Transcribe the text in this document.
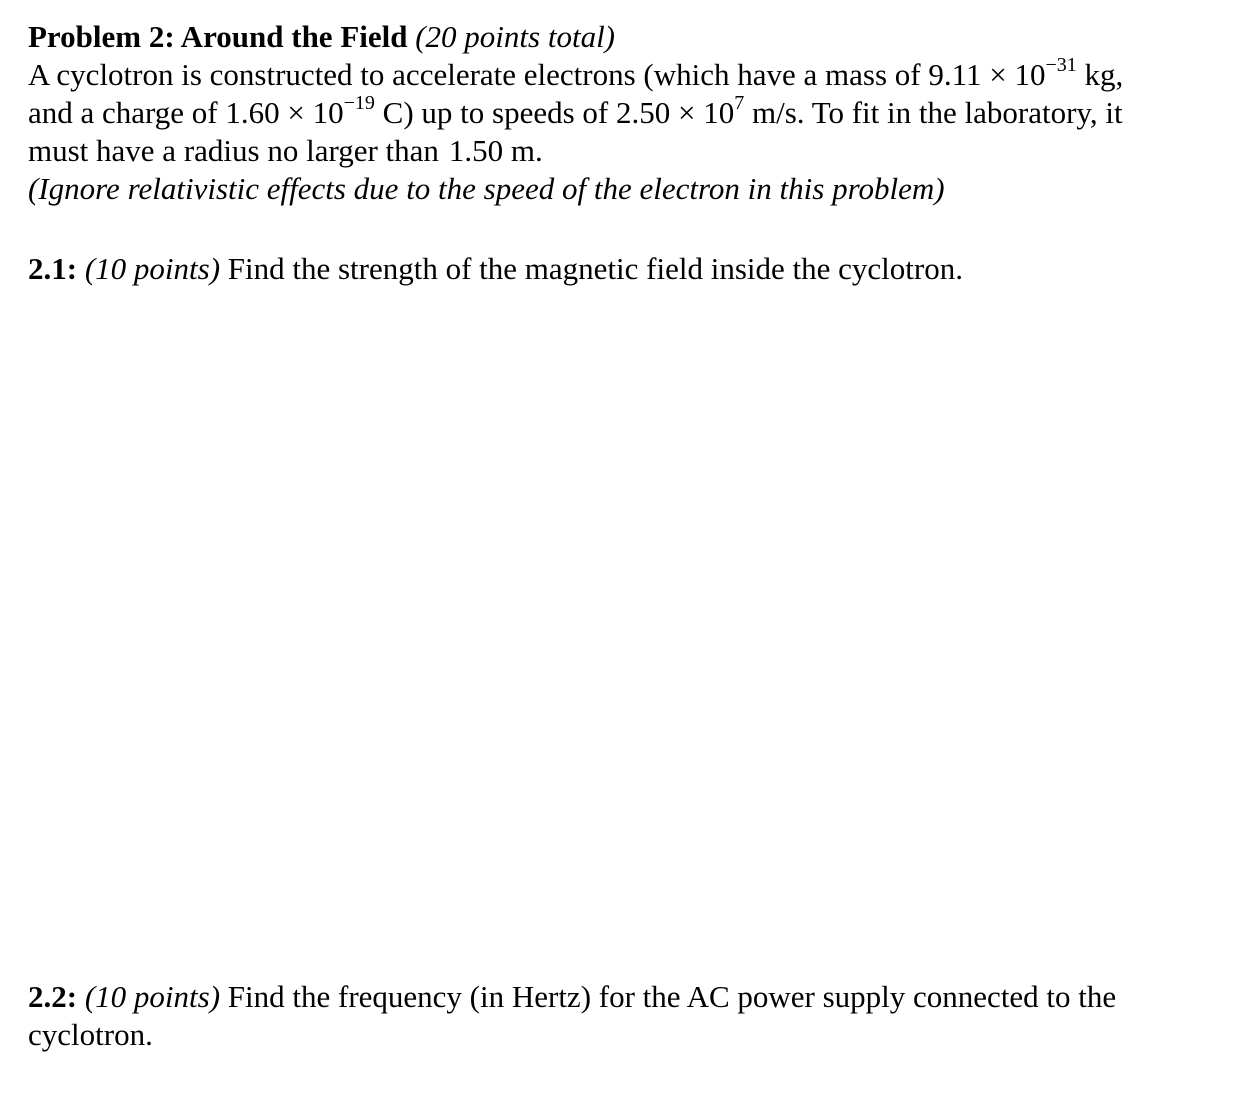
Problem 2: Around the Field (20 points total)
A cyclotron is constructed to accelerate electrons (which have a mass of $9.11 \times 10^{-31}$ kg,
and a charge of $1.60 \times 10^{-19}$ C) up to speeds of $2.50 \times 10^7$ m/s. To fit in the laboratory, it
must have a radius no larger than 1.50 m.
(Ignore relativistic effects due to the speed of the electron in this problem)
2.1: (10 points) Find the strength of the magnetic field inside the cyclotron.
2.2: (10 points) Find the frequency (in Hertz) for the AC power supply connected to the cyclotron.
